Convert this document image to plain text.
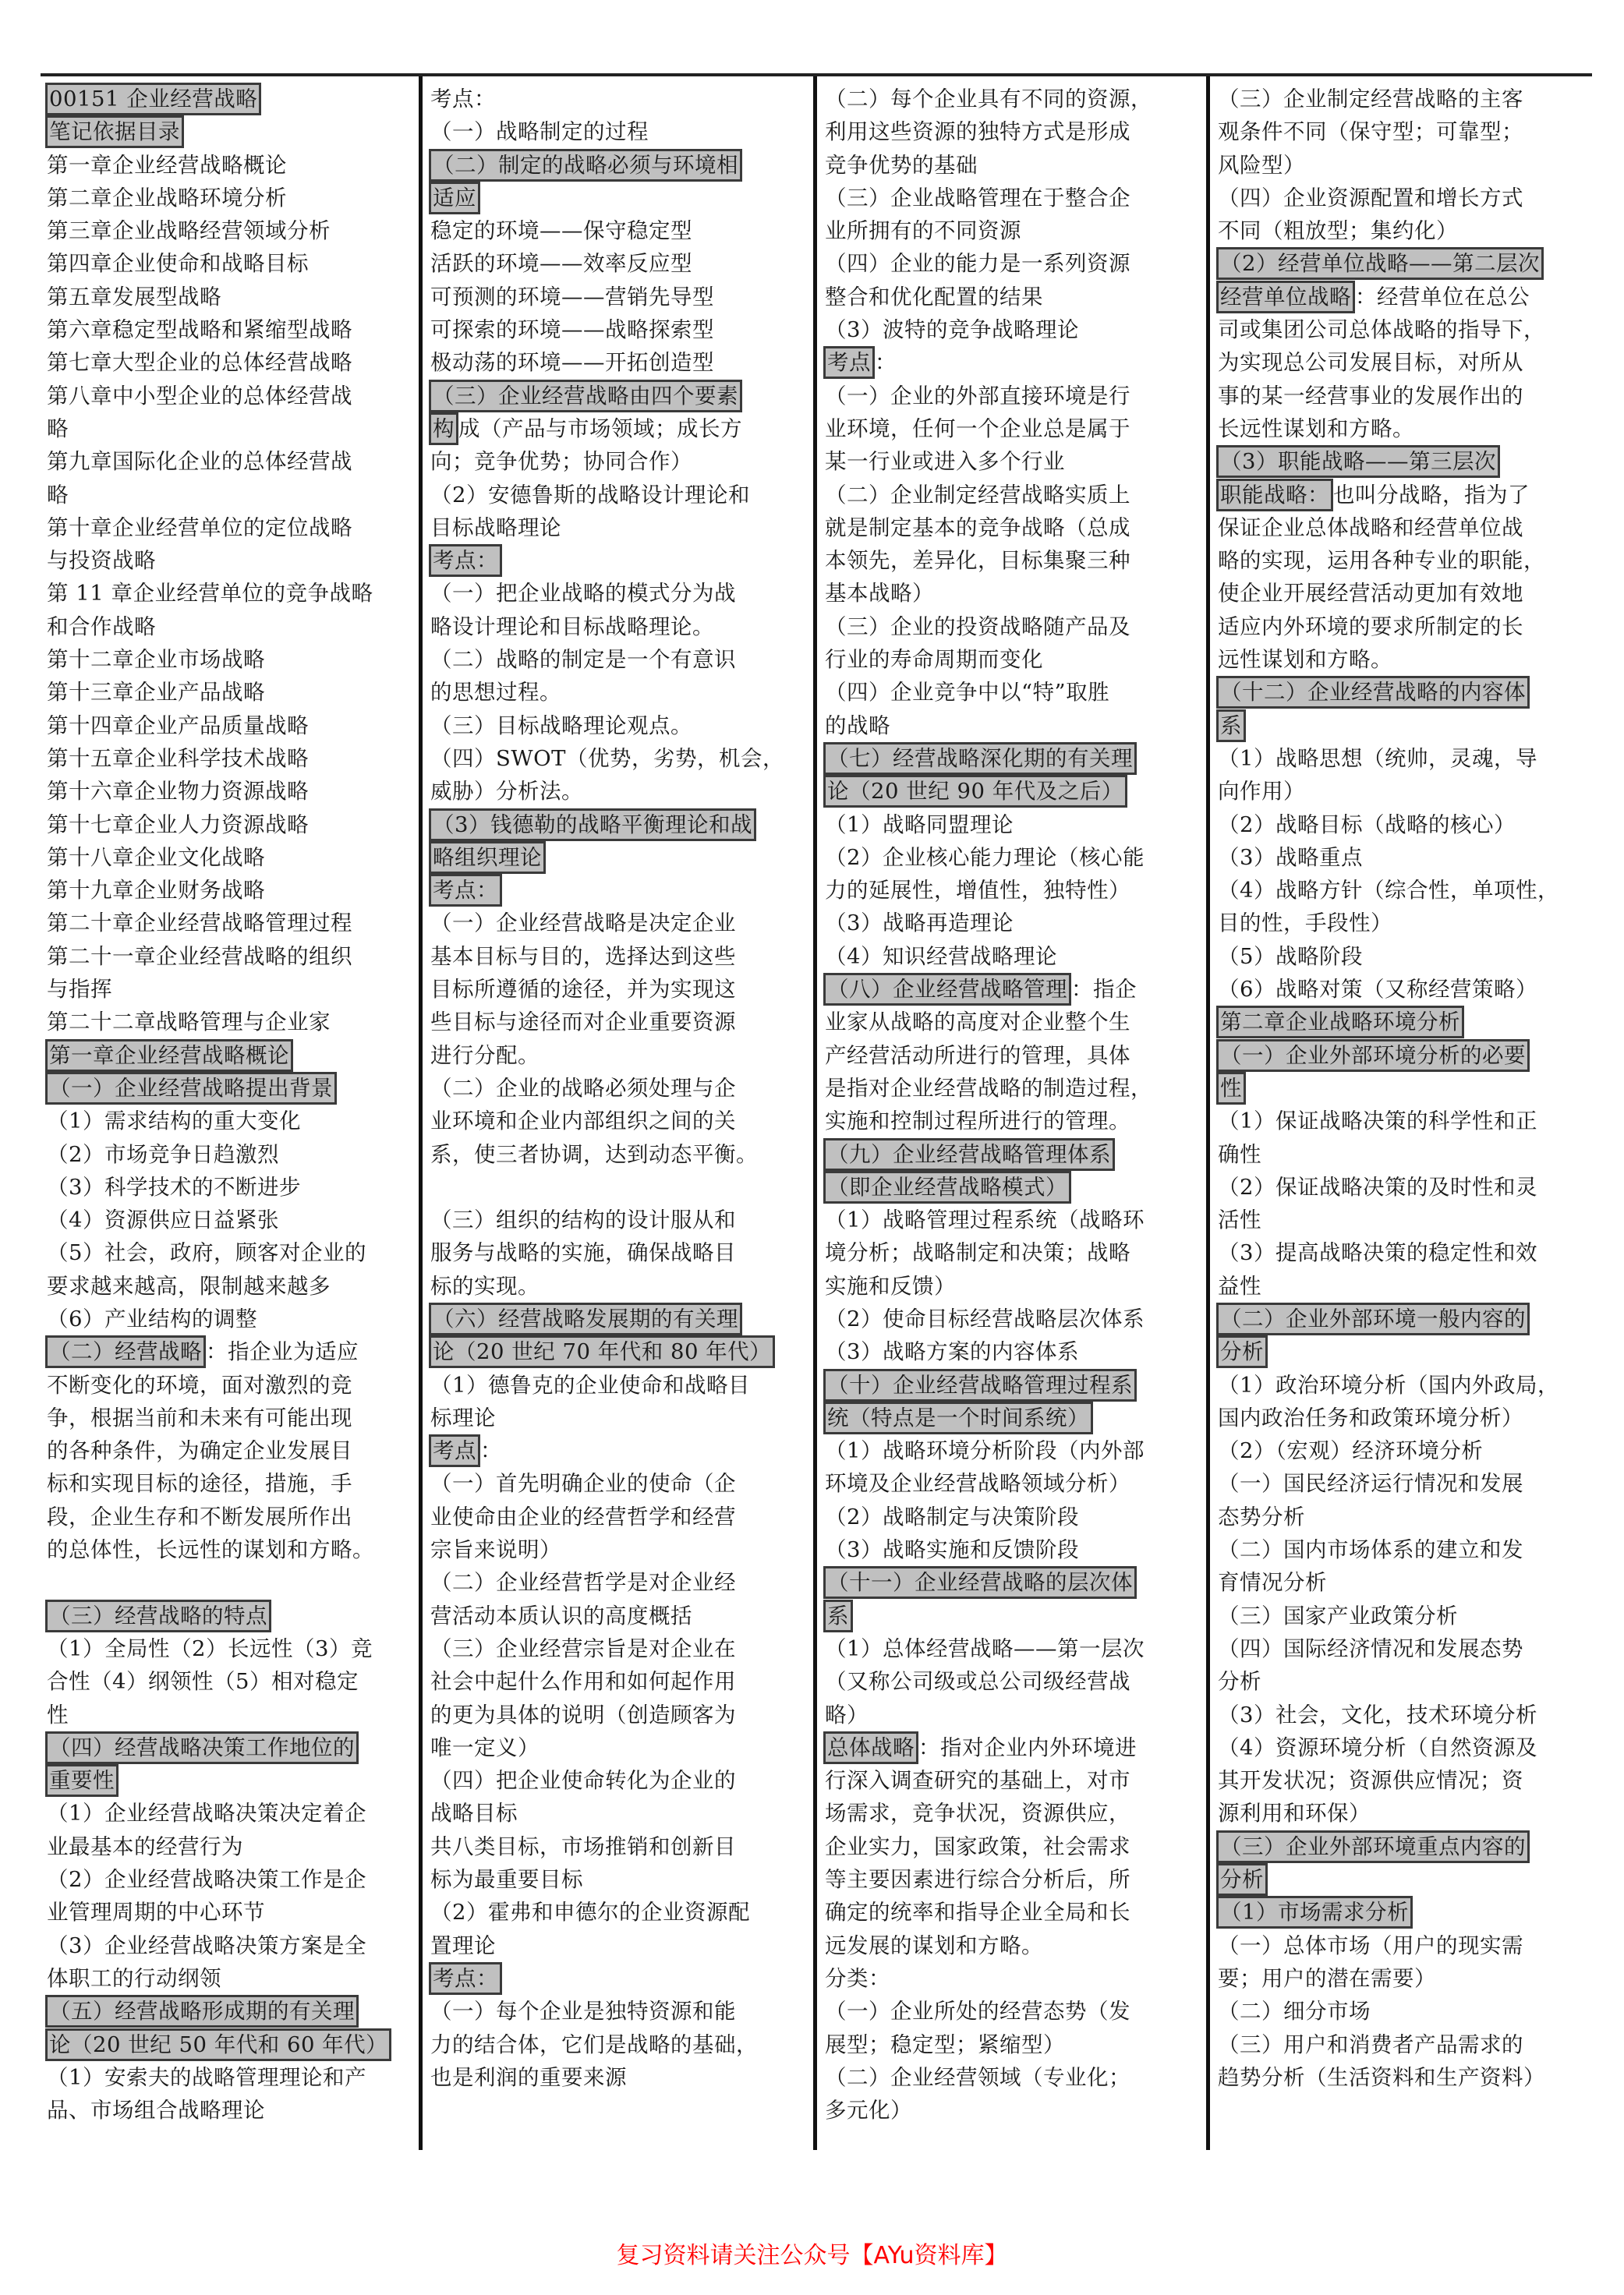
00151 企业经营战略
笔记依据目录
第一章企业经营战略概论
第二章企业战略环境分析
第三章企业战略经营领域分析
第四章企业使命和战略目标
第五章发展型战略
第六章稳定型战略和紧缩型战略
第七章大型企业的总体经营战略
第八章中小型企业的总体经营战
略
第九章国际化企业的总体经营战
略
第十章企业经营单位的定位战略
与投资战略
第 11 章企业经营单位的竞争战略
和合作战略
第十二章企业市场战略
第十三章企业产品战略
第十四章企业产品质量战略
第十五章企业科学技术战略
第十六章企业物力资源战略
第十七章企业人力资源战略
第十八章企业文化战略
第十九章企业财务战略
第二十章企业经营战略管理过程
第二十一章企业经营战略的组织
与指挥
第二十二章战略管理与企业家
第一章企业经营战略概论
（一）企业经营战略提出背景
（1）需求结构的重大变化
（2）市场竞争日趋激烈
（3）科学技术的不断进步
（4）资源供应日益紧张
（5）社会，政府，顾客对企业的
要求越来越高，限制越来越多
（6）产业结构的调整
（二）经营战略 ：指企业为适应
不断变化的环境，面对激烈的竞
争，根据当前和未来有可能出现
的各种条件，为确定企业发展目
标和实现目标的途径，措施，手
段，企业生存和不断发展所作出
的总体性，长远性的谋划和方略。
（三）经营战略的特点
（1）全局性（2）长远性（3）竞
合性（4）纲领性（5）相对稳定
性
（四）经营战略决策工作地位的
重要性
（1）企业经营战略决策决定着企
业最基本的经营行为
（2）企业经营战略决策工作是企
业管理周期的中心环节
（3）企业经营战略决策方案是全
体职工的行动纲领
（五）经营战略形成期的有关理
论（20 世纪 50 年代和 60 年代）
（1）安索夫的战略管理理论和产
品、市场组合战略理论
考点：
（一）战略制定的过程
（二）制定的战略必须与环境相
适应
稳定的环境——保守稳定型
活跃的环境——效率反应型
可预测的环境——营销先导型
可探索的环境——战略探索型
极动荡的环境——开拓创造型
（三）企业经营战略由四个要素
构 成（产品与市场领域；成长方
向；竞争优势；协同合作）
（2）安德鲁斯的战略设计理论和
目标战略理论
考点：
（一）把企业战略的模式分为战
略设计理论和目标战略理论。
（二）战略的制定是一个有意识
的思想过程。
（三）目标战略理论观点。
（四）SWOT（优势，劣势，机会，
威胁）分析法。
（3）钱德勒的战略平衡理论和战
略组织理论
考点：
（一）企业经营战略是决定企业
基本目标与目的，选择达到这些
目标所遵循的途径，并为实现这
些目标与途径而对企业重要资源
进行分配。
（二）企业的战略必须处理与企
业环境和企业内部组织之间的关
系，使三者协调，达到动态平衡。
（三）组织的结构的设计服从和
服务与战略的实施，确保战略目
标的实现。
（六）经营战略发展期的有关理
论（20 世纪 70 年代和 80 年代）
（1）德鲁克的企业使命和战略目
标理论
考点 ：
（一）首先明确企业的使命（企
业使命由企业的经营哲学和经营
宗旨来说明）
（二）企业经营哲学是对企业经
营活动本质认识的高度概括
（三）企业经营宗旨是对企业在
社会中起什么作用和如何起作用
的更为具体的说明（创造顾客为
唯一定义）
（四）把企业使命转化为企业的
战略目标
共八类目标，市场推销和创新目
标为最重要目标
（2）霍弗和申德尔的企业资源配
置理论
考点：
（一）每个企业是独特资源和能
力的结合体，它们是战略的基础，
也是利润的重要来源
（二）每个企业具有不同的资源，
利用这些资源的独特方式是形成
竞争优势的基础
（三）企业战略管理在于整合企
业所拥有的不同资源
（四）企业的能力是一系列资源
整合和优化配置的结果
（3）波特的竞争战略理论
考点 ：
（一）企业的外部直接环境是行
业环境，任何一个企业总是属于
某一行业或进入多个行业
（二）企业制定经营战略实质上
就是制定基本的竞争战略（总成
本领先，差异化，目标集聚三种
基本战略）
（三）企业的投资战略随产品及
行业的寿命周期而变化
（四）企业竞争中以“特”取胜
的战略
（七）经营战略深化期的有关理
论（20 世纪 90 年代及之后）
（1）战略同盟理论
（2）企业核心能力理论（核心能
力的延展性，增值性，独特性）
（3）战略再造理论
（4）知识经营战略理论
（八）企业经营战略管理 ：指企
业家从战略的高度对企业整个生
产经营活动所进行的管理，具体
是指对企业经营战略的制造过程，
实施和控制过程所进行的管理。
（九）企业经营战略管理体系
（即企业经营战略模式）
（1）战略管理过程系统（战略环
境分析；战略制定和决策；战略
实施和反馈）
（2）使命目标经营战略层次体系
（3）战略方案的内容体系
（十）企业经营战略管理过程系
统（特点是一个时间系统）
（1）战略环境分析阶段（内外部
环境及企业经营战略领域分析）
（2）战略制定与决策阶段
（3）战略实施和反馈阶段
（十一）企业经营战略的层次体
系
（1）总体经营战略——第一层次
（又称公司级或总公司级经营战
略）
总体战略 ：指对企业内外环境进
行深入调查研究的基础上，对市
场需求，竞争状况，资源供应，
企业实力，国家政策，社会需求
等主要因素进行综合分析后，所
确定的统率和指导企业全局和长
远发展的谋划和方略。
分类：
（一）企业所处的经营态势（发
展型；稳定型；紧缩型）
（二）企业经营领域（专业化；
多元化）
（三）企业制定经营战略的主客
观条件不同（保守型；可靠型；
风险型）
（四）企业资源配置和增长方式
不同（粗放型；集约化）
（2）经营单位战略——第二层次
经营单位战略 ：经营单位在总公
司或集团公司总体战略的指导下，
为实现总公司发展目标，对所从
事的某一经营事业的发展作出的
长远性谋划和方略。
（3）职能战略——第三层次
职能战略： 也叫分战略，指为了
保证企业总体战略和经营单位战
略的实现，运用各种专业的职能，
使企业开展经营活动更加有效地
适应内外环境的要求所制定的长
远性谋划和方略。
（十二）企业经营战略的内容体
系
（1）战略思想（统帅，灵魂，导
向作用）
（2）战略目标（战略的核心）
（3）战略重点
（4）战略方针（综合性，单项性，
目的性，手段性）
（5）战略阶段
（6）战略对策（又称经营策略）
第二章企业战略环境分析
（一）企业外部环境分析的必要
性
（1）保证战略决策的科学性和正
确性
（2）保证战略决策的及时性和灵
活性
（3）提高战略决策的稳定性和效
益性
（二）企业外部环境一般内容的
分析
（1）政治环境分析（国内外政局，
国内政治任务和政策环境分析）
（2）（宏观）经济环境分析
（一）国民经济运行情况和发展
态势分析
（二）国内市场体系的建立和发
育情况分析
（三）国家产业政策分析
（四）国际经济情况和发展态势
分析
（3）社会，文化，技术环境分析
（4）资源环境分析（自然资源及
其开发状况；资源供应情况；资
源利用和环保）
（三）企业外部环境重点内容的
分析
（1）市场需求分析
（一）总体市场（用户的现实需
要；用户的潜在需要）
（二）细分市场
（三）用户和消费者产品需求的
趋势分析（生活资料和生产资料）
复习资料请关注公众号【AYu资料库】
